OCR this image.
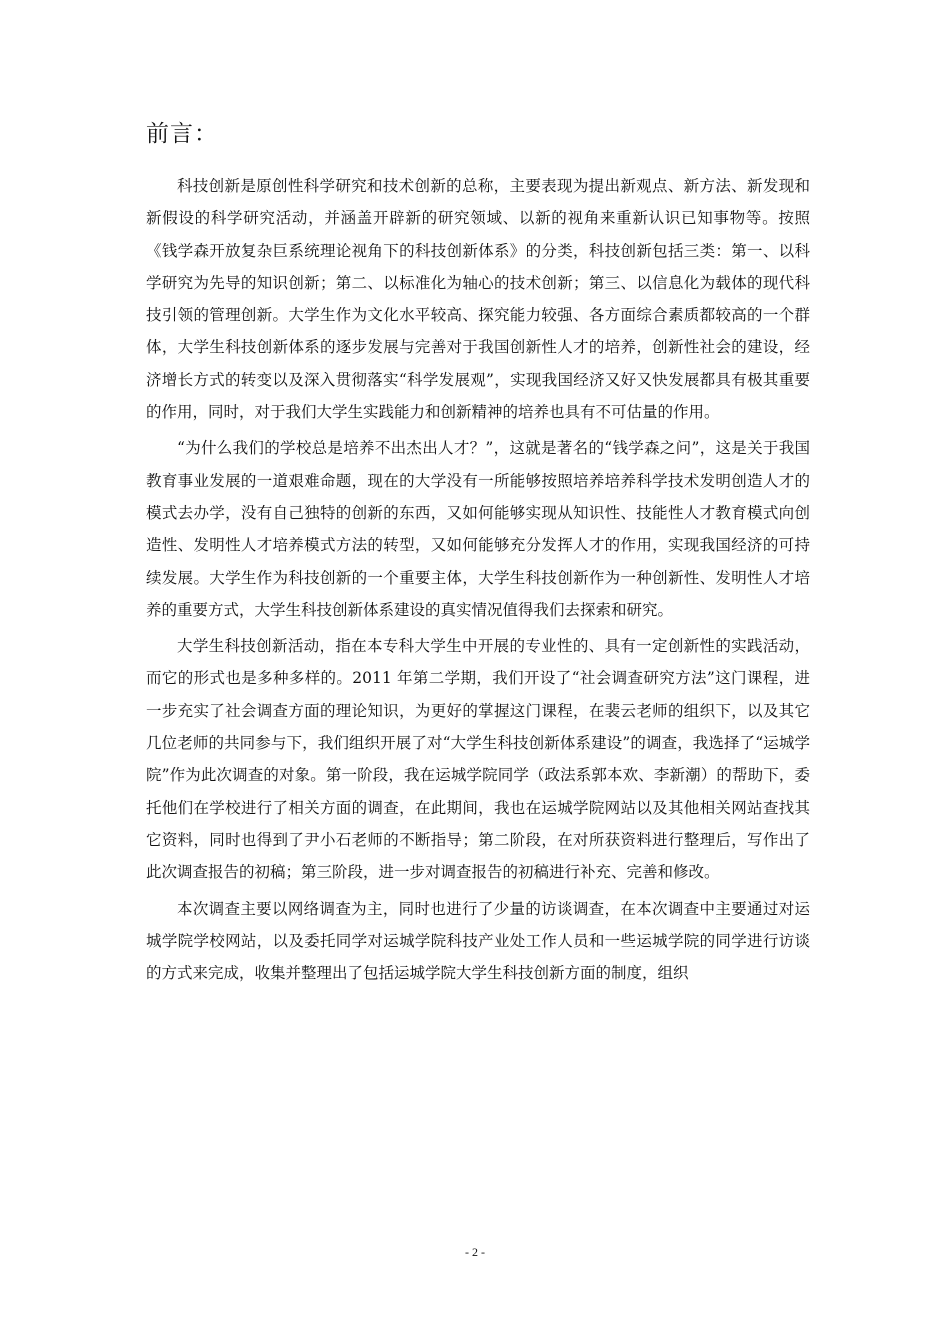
前言：

科技创新是原创性科学研究和技术创新的总称，主要表现为提出新观点、新方法、新发现和新假设的科学研究活动，并涵盖开辟新的研究领域、以新的视角来重新认识已知事物等。按照《钱学森开放复杂巨系统理论视角下的科技创新体系》的分类，科技创新包括三类：第一、以科学研究为先导的知识创新；第二、以标准化为轴心的技术创新；第三、以信息化为载体的现代科技引领的管理创新。大学生作为文化水平较高、探究能力较强、各方面综合素质都较高的一个群体，大学生科技创新体系的逐步发展与完善对于我国创新性人才的培养，创新性社会的建设，经济增长方式的转变以及深入贯彻落实“科学发展观”，实现我国经济又好又快发展都具有极其重要的作用，同时，对于我们大学生实践能力和创新精神的培养也具有不可估量的作用。

“为什么我们的学校总是培养不出杰出人才？”，这就是著名的“钱学森之问”，这是关于我国教育事业发展的一道艰难命题，现在的大学没有一所能够按照培养培养科学技术发明创造人才的模式去办学，没有自己独特的创新的东西，又如何能够实现从知识性、技能性人才教育模式向创造性、发明性人才培养模式方法的转型，又如何能够充分发挥人才的作用，实现我国经济的可持续发展。大学生作为科技创新的一个重要主体，大学生科技创新作为一种创新性、发明性人才培养的重要方式，大学生科技创新体系建设的真实情况值得我们去探索和研究。

大学生科技创新活动，指在本专科大学生中开展的专业性的、具有一定创新性的实践活动，而它的形式也是多种多样的。2011 年第二学期，我们开设了“社会调查研究方法”这门课程，进一步充实了社会调查方面的理论知识，为更好的掌握这门课程，在裴云老师的组织下，以及其它几位老师的共同参与下，我们组织开展了对“大学生科技创新体系建设”的调查，我选择了“运城学院”作为此次调查的对象。第一阶段，我在运城学院同学（政法系郭本欢、李新潮）的帮助下，委托他们在学校进行了相关方面的调查，在此期间，我也在运城学院网站以及其他相关网站查找其它资料，同时也得到了尹小石老师的不断指导；第二阶段，在对所获资料进行整理后，写作出了此次调查报告的初稿；第三阶段，进一步对调查报告的初稿进行补充、完善和修改。

本次调查主要以网络调查为主，同时也进行了少量的访谈调查，在本次调查中主要通过对运城学院学校网站，以及委托同学对运城学院科技产业处工作人员和一些运城学院的同学进行访谈的方式来完成，收集并整理出了包括运城学院大学生科技创新方面的制度，组织

- 2 -
